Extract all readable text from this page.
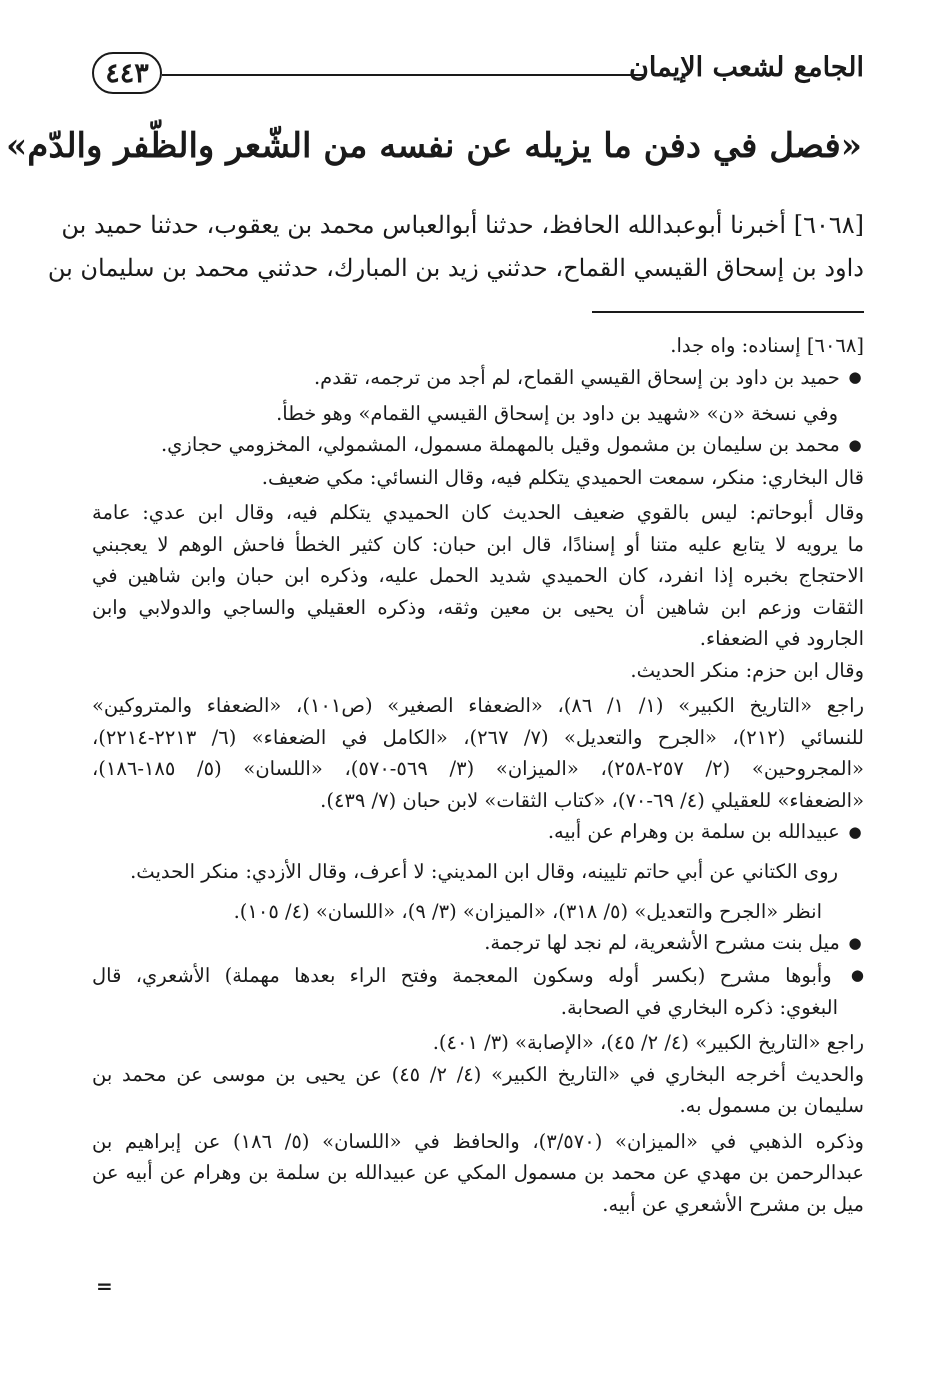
٤٤٣	الجامع لشعب الإيمان
«فصل في دفن ما يزيله عن نفسه من الشّعر والظّفر والدّم»
[٦٠٦٨] أخبرنا أبوعبدالله الحافظ، حدثنا أبوالعباس محمد بن يعقوب، حدثنا حميد بن
داود بن إسحاق القيسي القماح، حدثني زيد بن المبارك، حدثني محمد بن سليمان بن

[٦٠٦٨] إسناده: واه جدا.

● حميد بن داود بن إسحاق القيسي القماح، لم أجد من ترجمه، تقدم.

وفي نسخة «ن» «شهيد بن داود بن إسحاق القيسي القمام» وهو خطأ.

● محمد بن سليمان بن مشمول وقيل بالمهملة مسمول، المشمولي، المخزومي حجازي.

قال البخاري: منكر، سمعت الحميدي يتكلم فيه، وقال النسائي: مكي ضعيف.

وقال أبوحاتم: ليس بالقوي ضعيف الحديث كان الحميدي يتكلم فيه، وقال ابن عدي: عامة

ما يرويه لا يتابع عليه متنا أو إسنادًا، قال ابن حبان: كان كثير الخطأ فاحش الوهم لا يعجبني

الاحتجاج بخبره إذا انفرد، كان الحميدي شديد الحمل عليه، وذكره ابن حبان وابن شاهين في

الثقات وزعم ابن شاهين أن يحيى بن معين وثقه، وذكره العقيلي والساجي والدولابي وابن

الجارود في الضعفاء.

وقال ابن حزم: منكر الحديث.

راجع «التاريخ الكبير» (١/ ١/ ٨٦)، «الضعفاء الصغير» (ص١٠١)، «الضعفاء والمتروكين»

للنسائي (٢١٢)، «الجرح والتعديل» (٧/ ٢٦٧)، «الكامل في الضعفاء» (٦/ ٢٢١٣-٢٢١٤)،

«المجروحين» (٢/ ٢٥٧-٢٥٨)، «الميزان» (٣/ ٥٦٩-٥٧٠)، «اللسان» (٥/ ١٨٥-١٨٦)،

«الضعفاء» للعقيلي (٤/ ٦٩-٧٠)، «كتاب الثقات» لابن حبان (٧/ ٤٣٩).

● عبيدالله بن سلمة بن وهرام عن أبيه.

روى الكتاني عن أبي حاتم تليينه، وقال ابن المديني: لا أعرف، وقال الأزدي: منكر الحديث.

انظر «الجرح والتعديل» (٥/ ٣١٨)، «الميزان» (٣/ ٩)، «اللسان» (٤/ ١٠٥).

● ميل بنت مشرح الأشعرية، لم نجد لها ترجمة.

● وأبوها مشرح (بكسر أوله وسكون المعجمة وفتح الراء بعدها مهملة) الأشعري، قال

البغوي: ذكره البخاري في الصحابة.

راجع «التاريخ الكبير» (٤/ ٢/ ٤٥)، «الإصابة» (٣/ ٤٠١).

والحديث أخرجه البخاري في «التاريخ الكبير» (٤/ ٢/ ٤٥) عن يحيى بن موسى عن محمد بن

سليمان بن مسمول به.

وذكره الذهبي في «الميزان» (٣/٥٧٠)، والحافظ في «اللسان» (٥/ ١٨٦) عن إبراهيم بن

عبدالرحمن بن مهدي عن محمد بن مسمول المكي عن عبيدالله بن سلمة بن وهرام عن أبيه عن

ميل بن مشرح الأشعري عن أبيه.

=
